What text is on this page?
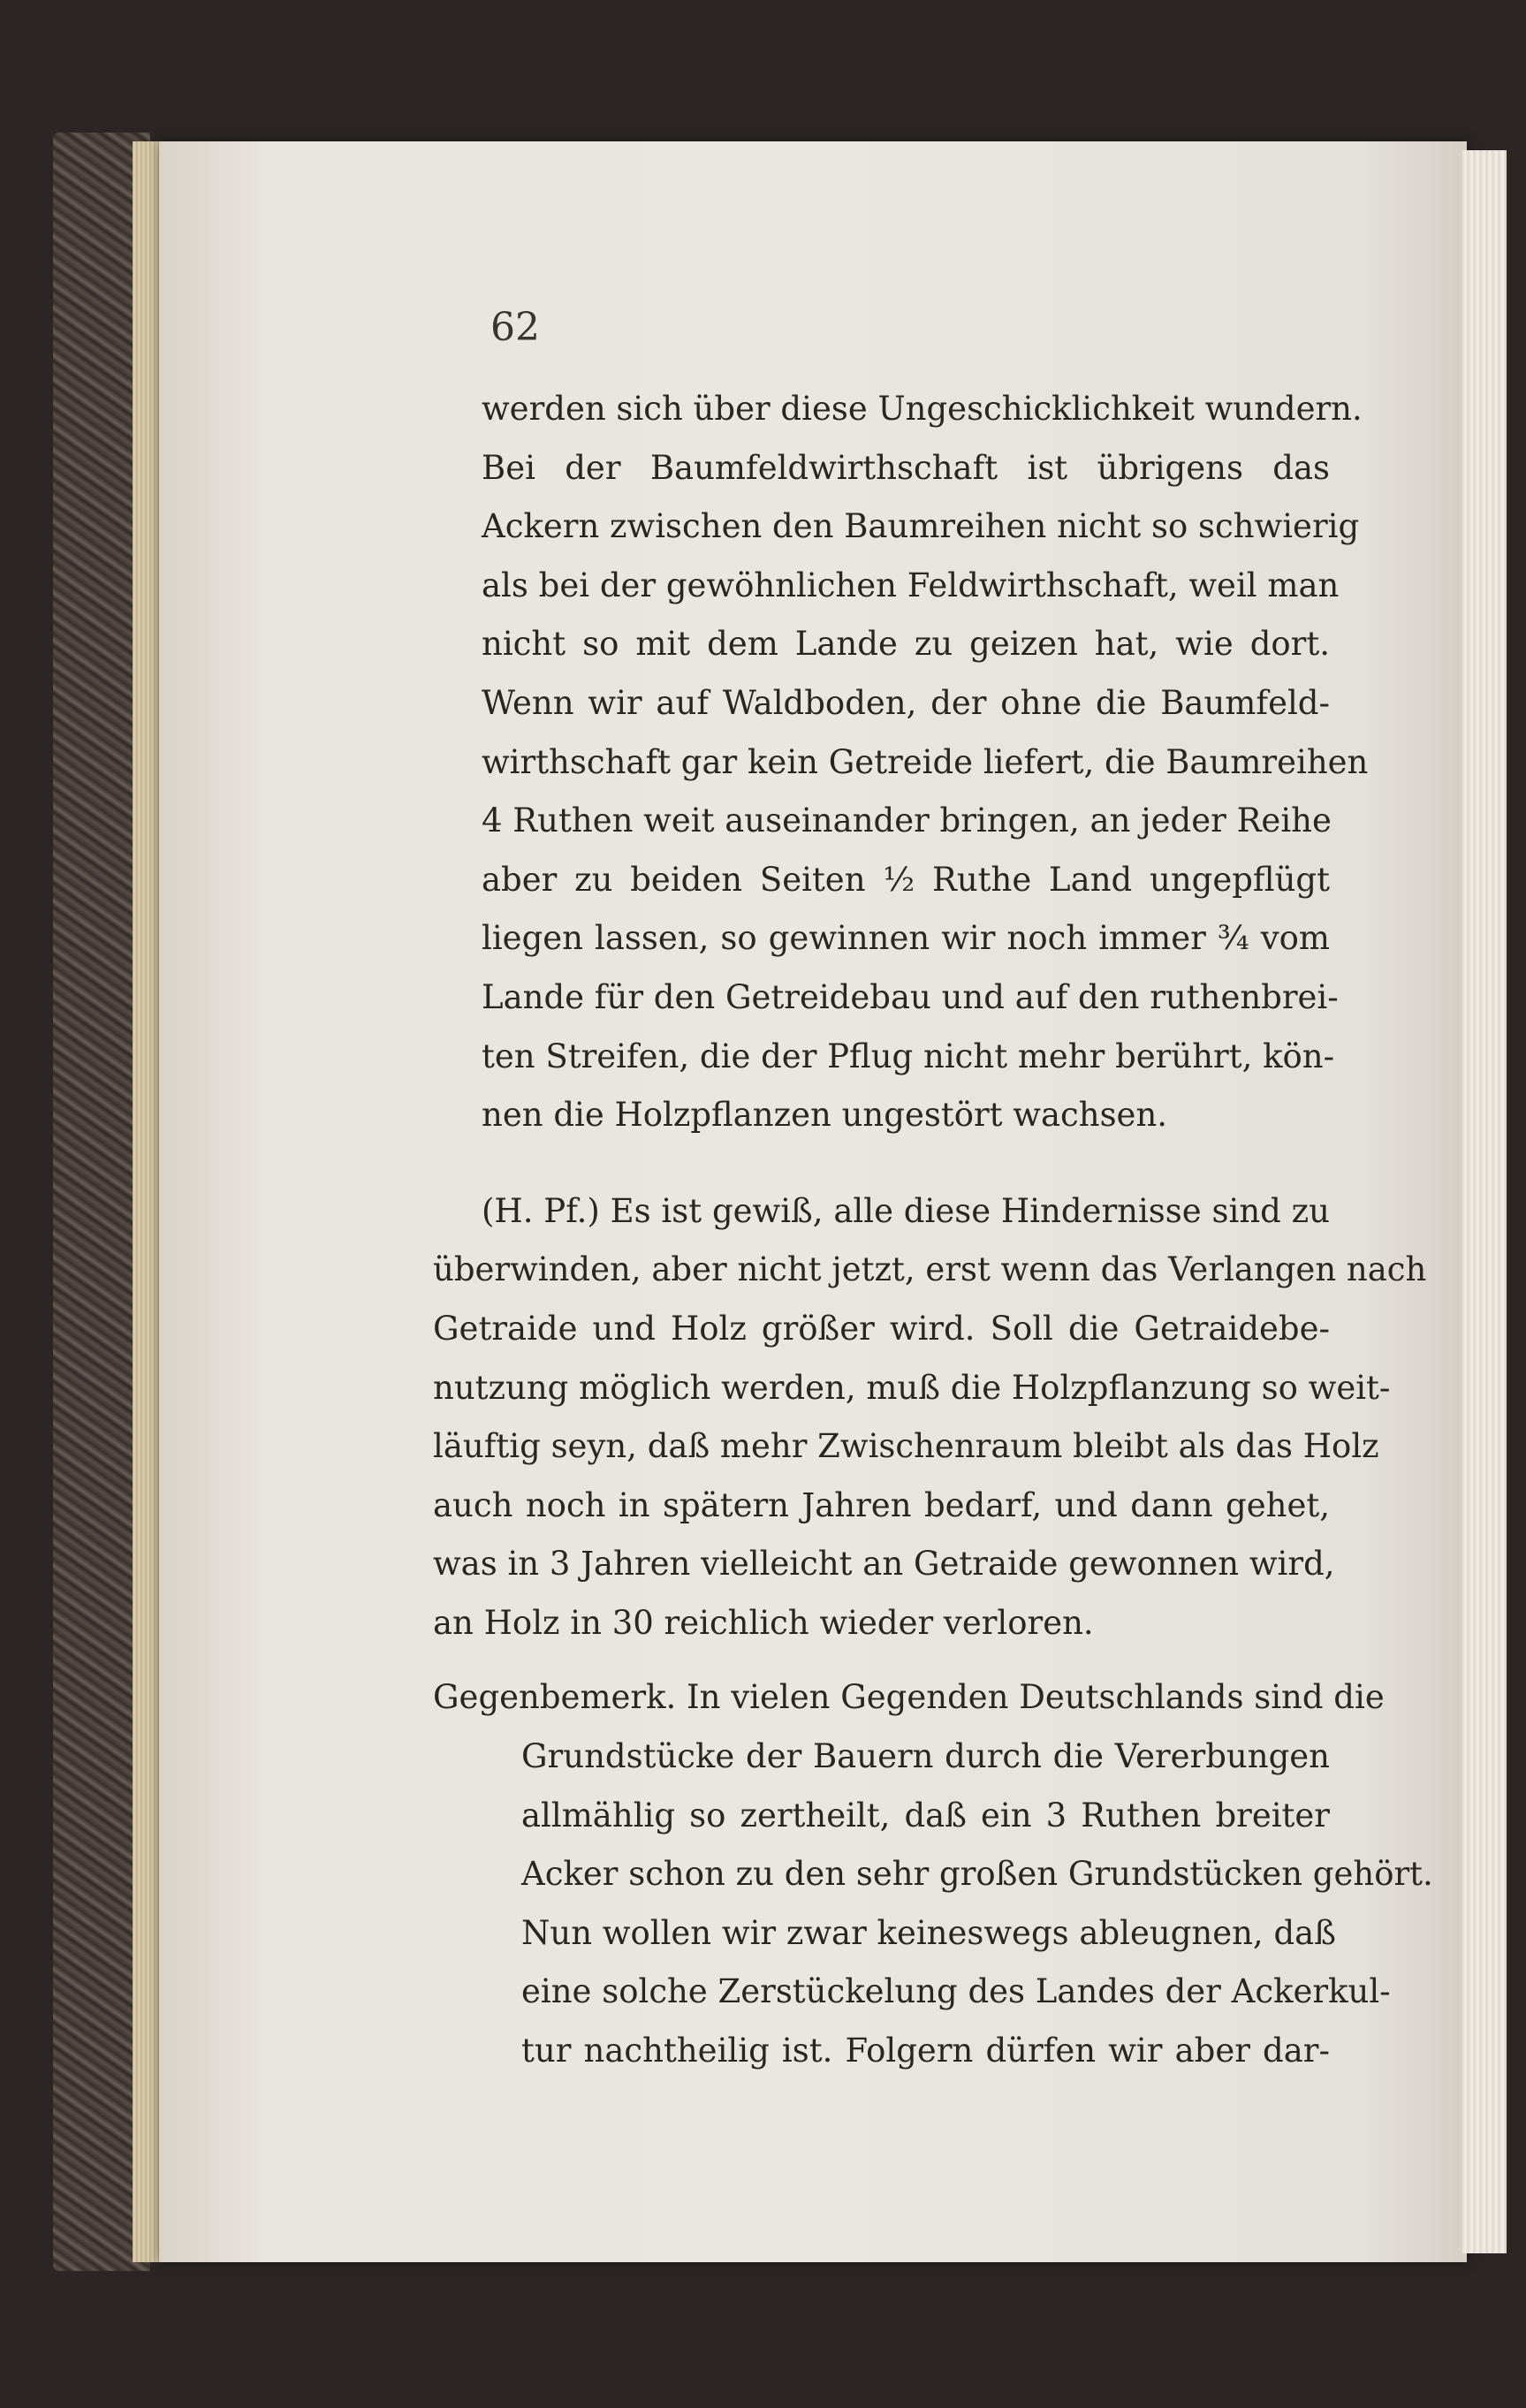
62
werden sich über diese Ungeschicklichkeit wundern.
Bei der Baumfeldwirthschaft ist übrigens das
Ackern zwischen den Baumreihen nicht so schwierig
als bei der gewöhnlichen Feldwirthschaft, weil man
nicht so mit dem Lande zu geizen hat, wie dort.
Wenn wir auf Waldboden, der ohne die Baumfeld-
wirthschaft gar kein Getreide liefert, die Baumreihen
4 Ruthen weit auseinander bringen, an jeder Reihe
aber zu beiden Seiten ½ Ruthe Land ungepflügt
liegen lassen, so gewinnen wir noch immer ¾ vom
Lande für den Getreidebau und auf den ruthenbrei-
ten Streifen, die der Pflug nicht mehr berührt, kön-
nen die Holzpflanzen ungestört wachsen.
(H. Pf.) Es ist gewiß, alle diese Hindernisse sind zu
überwinden, aber nicht jetzt, erst wenn das Verlangen nach
Getraide und Holz größer wird. Soll die Getraidebe-
nutzung möglich werden, muß die Holzpflanzung so weit-
läuftig seyn, daß mehr Zwischenraum bleibt als das Holz
auch noch in spätern Jahren bedarf, und dann gehet,
was in 3 Jahren vielleicht an Getraide gewonnen wird,
an Holz in 30 reichlich wieder verloren.
Gegenbemerk. In vielen Gegenden Deutschlands sind die
Grundstücke der Bauern durch die Vererbungen
allmählig so zertheilt, daß ein 3 Ruthen breiter
Acker schon zu den sehr großen Grundstücken gehört.
Nun wollen wir zwar keineswegs ableugnen, daß
eine solche Zerstückelung des Landes der Ackerkul-
tur nachtheilig ist. Folgern dürfen wir aber dar-
